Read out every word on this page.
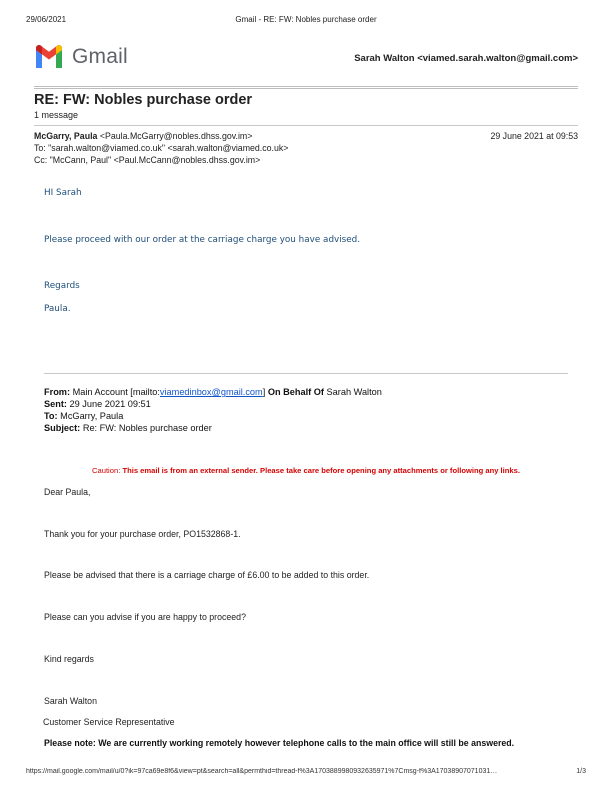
29/06/2021	Gmail - RE: FW: Nobles purchase order
Gmail	Sarah Walton <viamed.sarah.walton@gmail.com>
RE: FW: Nobles purchase order
1 message
McGarry, Paula <Paula.McGarry@nobles.dhss.gov.im>	29 June 2021 at 09:53
To: "sarah.walton@viamed.co.uk" <sarah.walton@viamed.co.uk>
Cc: "McCann, Paul" <Paul.McCann@nobles.dhss.gov.im>
HI Sarah
Please proceed with our order at the carriage charge you have advised.
Regards
Paula.
From: Main Account [mailto:viamedinbox@gmail.com] On Behalf Of Sarah Walton
Sent: 29 June 2021 09:51
To: McGarry, Paula
Subject: Re: FW: Nobles purchase order
Caution: This email is from an external sender. Please take care before opening any attachments or following any links.
Dear Paula,
Thank you for your purchase order, PO1532868-1.
Please be advised that there is a carriage charge of £6.00 to be added to this order.
Please can you advise if you are happy to proceed?
Kind regards
Sarah Walton
Customer Service Representative
Please note: We are currently working remotely however telephone calls to the main office will still be answered.
https://mail.google.com/mail/u/0?ik=97ca69e8f6&view=pt&search=all&permthid=thread-f%3A1703889980932635971%7Cmsg-f%3A17038907071031…	1/3
